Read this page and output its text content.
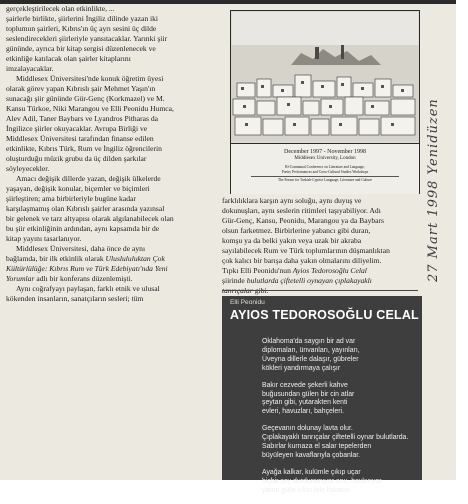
gerçekleştirilecek olan etkinlikte, ...

şairlerle birlikte, şiirlerini İngiliz dilinde yazan iki
toplumun şairleri, Kıbrıs'ın üç ayrı sesini üç dilde
seslendirecekleri şiirleriyle yansıtacaklar. Yarınki şiir
gününde, ayrıca bir kitap sergisi düzenlenecek ve
etkinliğe katılacak olan şairler kitaplarını
imzalayacaklar.

Middlesex Üniversitesi'nde konuk öğretim üyesi
olarak görev yapan Kıbrıslı şair Mehmet Yaşın'ın
sunacağı şiir gününde Gür-Genç (Korkmazel) ve M.
Kansu Türkoe, Niki Marangou ve Elli Peonidu Humca,
Alev Adil, Taner Baybars ve Lyandros Pitharas da
İngilizce şiirler okuyacaklar. Avrupa Birliği ve
Middlesex Üniversitesi tarafından finanse edilen
etkinlikte, Kıbrıs Türk, Rum ve İngiliz öğrencilerin
oluşturduğu müzik grubu da üç dilden şarkılar
söyleyecekler.

Amacı değişik dillerde yazan, değişik ülkelerde
yaşayan, değişik konular, biçemler ve biçimleri
şiirleştiren; ama birbirleriyle bugüne kadar
karşılaşmamış olan Kıbrıslı şairler arasında yazınsal
bir gelenek ve tarz altyapısı olarak algılanabilecek olan
bu şiir etkinliğinin ardından, aynı kapsamda bir de
kitap yayını tasarlanıyor.

Middlesex Üniversitesi, daha önce de aynı

bağlamda, bir ilk etkinlik olarak Uluslululuktan Çok
Kültürlülüğe: Kıbrıs Rum ve Türk Edebiyatı'nda Yeni
Yorumlar adlı bir konferans düzenlemişti.

Aynı coğrafyayı paylaşan, farklı etnik ve ulusal
kökenden insanların, sanatçıların sesleri; tüm

December 1997 - November 1998
Middlesex University, London
Bi-Communal Conference on Literature and Language,
Poetry Performances and Cross-Cultural Studies Workshops
The Forum for Turkish-Cypriot Language, Literature and Culture	27 Mart 1998 Yenidüzen

farklılıklara karşın aynı soluğu, aynı duyuş ve
dokunuşları, aynı seslerin ritimleri taşıyabiliyor. Adı
Gür-Genç, Kansu, Peonidu, Marangou ya da Baybars
olsun farketmez. Birbirlerine yabancı gibi duran,
komşu ya da belki yakın veya uzak bir akraba
sayılabilecek Rum ve Türk toplumlarının düşmanlıktan
çok kalıcı bir barışa daha yakın olmalarını diliyelim.
Tıpkı Elli Peonidu'nun Ayios Tedorosoğlu Celal
şiirinde bulutlarda çiftetelli oynayan çıplakayaklı

Elli Peonidu
AYIOS TEDOROSOĞLU CELAL
Oklahoma'da saygın bir ad var
diplomaları, ünvanları, yayınları,
Üveyna dillerle dalaşır, gübreler
kökleri yandırmaya çalışır
Bakır cezvede şekerli kahve
buğusundan gülen bir cin atlar
şeytan gibi, yutarakten kenti
evleri, havuzları, bahçeleri.
Geçevanın dolunay lavta olur.
Çıplakayaklı tanrıçalar çiftetelli oynar bulutlarda.
Sabırlar kurnaza el salar tepelerden
büyüleyen kavaflarıyla çobanlar.
Ayağa kalkar, kulümle çıkıp uçar
hiçbir şey durduramıyor onu, havkırıyor
yarım gülle çıkın bile havarın
